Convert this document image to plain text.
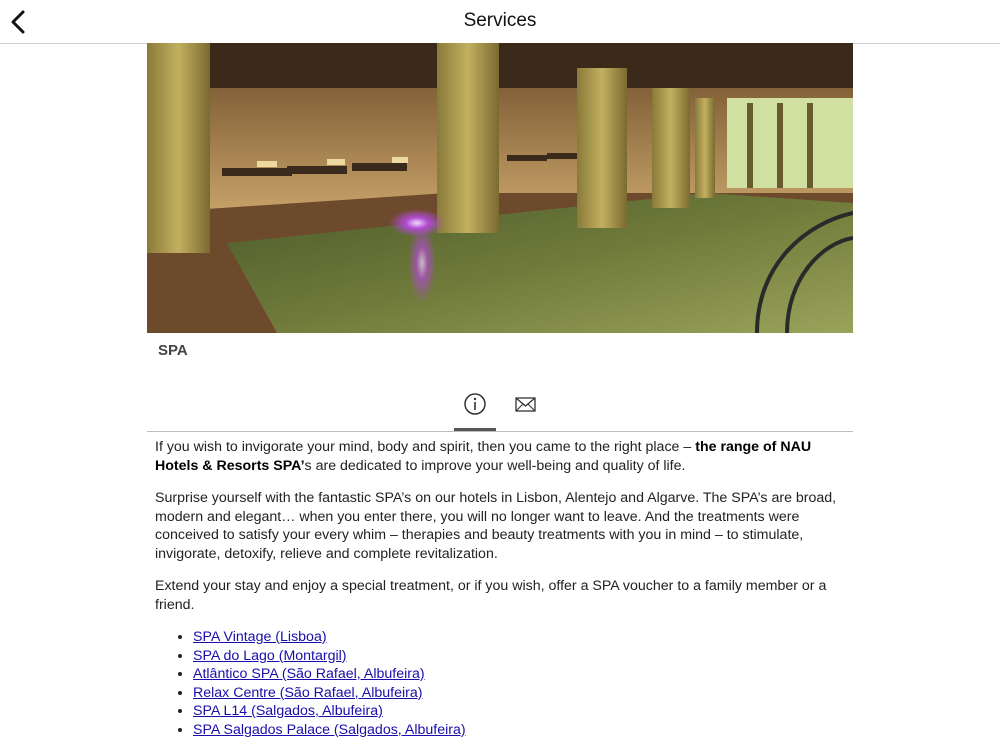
Services
SPA

If you wish to invigorate your mind, body and spirit, then you came to the right place – the range of NAU Hotels & Resorts SPA’s are dedicated to improve your well-being and quality of life.

Surprise yourself with the fantastic SPA’s on our hotels in Lisbon, Alentejo and Algarve. The SPA’s are broad, modern and elegant… when you enter there, you will no longer want to leave. And the treatments were conceived to satisfy your every whim – therapies and beauty treatments with you in mind – to stimulate, invigorate, detoxify, relieve and complete revitalization.

Extend your stay and enjoy a special treatment, or if you wish, offer a SPA voucher to a family member or a friend.

• SPA Vintage (Lisboa)
• SPA do Lago (Montargil)
• Atlântico SPA (São Rafael, Albufeira)
• Relax Centre (São Rafael, Albufeira)
• SPA L14 (Salgados, Albufeira)
• SPA Salgados Palace (Salgados, Albufeira)
